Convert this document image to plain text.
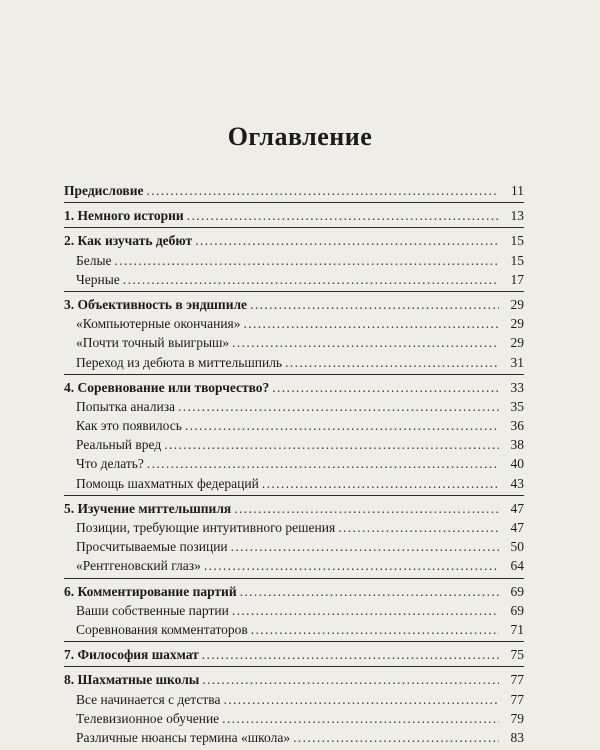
Оглавление
Предисловие . . .	11
1. Немного истории . . .	13
2. Как изучать дебют . . .	15
Белые . . .	15
Черные . . .	17
3. Объективность в эндшпиле . . .	29
«Компьютерные окончания» . . .	29
«Почти точный выигрыш» . . .	29
Переход из дебюта в миттельшпиль . . .	31
4. Соревнование или творчество? . . .	33
Попытка анализа . . .	35
Как это появилось . . .	36
Реальный вред . . .	38
Что делать? . . .	40
Помощь шахматных федераций . . .	43
5. Изучение миттельшпиля . . .	47
Позиции, требующие интуитивного решения . . .	47
Просчитываемые позиции . . .	50
«Рентгеновский глаз» . . .	64
6. Комментирование партий . . .	69
Ваши собственные партии . . .	69
Соревнования комментаторов . . .	71
7. Философия шахмат . . .	75
8. Шахматные школы . . .	77
Все начинается с детства . . .	77
Телевизионное обучение . . .	79
Различные нюансы термина «школа» . . .	83
